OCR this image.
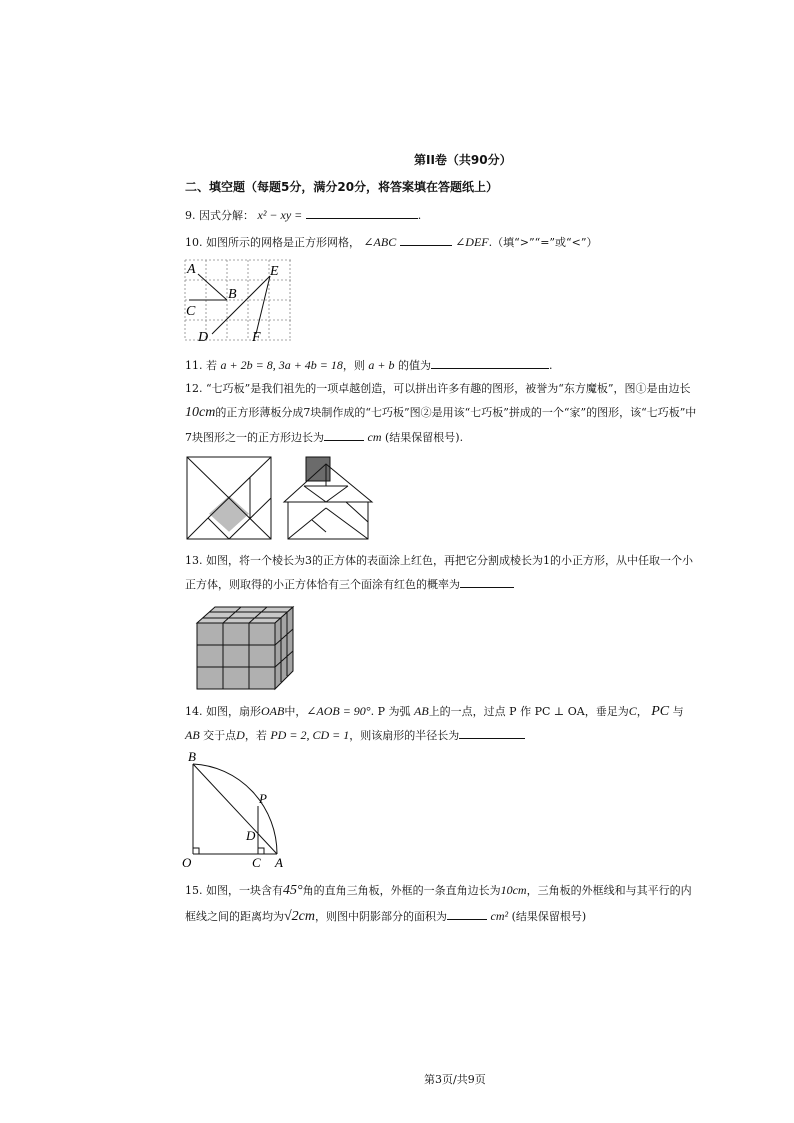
第II卷（共90分）
二、填空题（每题5分，满分20分，将答案填在答题纸上）
9. 因式分解： x² − xy =	.
10. 如图所示的网格是正方形网格， ∠ABC	∠DEF.（填“>”“=”或“<”）
A
B
C
D
E
F
11. 若 a + 2b = 8, 3a + 4b = 18，则 a + b 的值为	.
12. “七巧板”是我们祖先的一项卓越创造，可以拼出许多有趣的图形，被誉为“东方魔板”，图①是由边长
10cm的正方形薄板分成7块制作成的“七巧板”图②是用该“七巧板”拼成的一个“家”的图形，该“七巧板”中
7块图形之一的正方形边长为	cm (结果保留根号).
13. 如图，将一个棱长为3的正方体的表面涂上红色，再把它分割成棱长为1的小正方形，从中任取一个小
正方体，则取得的小正方体恰有三个面涂有红色的概率为
14. 如图，扇形OAB中，∠AOB = 90°. P 为弧 AB上的一点，过点 P 作 PC ⊥ OA，垂足为C， PC 与
AB 交于点D，若 PD = 2, CD = 1，则该扇形的半径长为
B
P
D
O	C A
15. 如图，一块含有45°角的直角三角板，外框的一条直角边长为10cm，三角板的外框线和与其平行的内
框线之间的距离均为√2cm，则图中阴影部分的面积为	cm² (结果保留根号)
第3页/共9页
